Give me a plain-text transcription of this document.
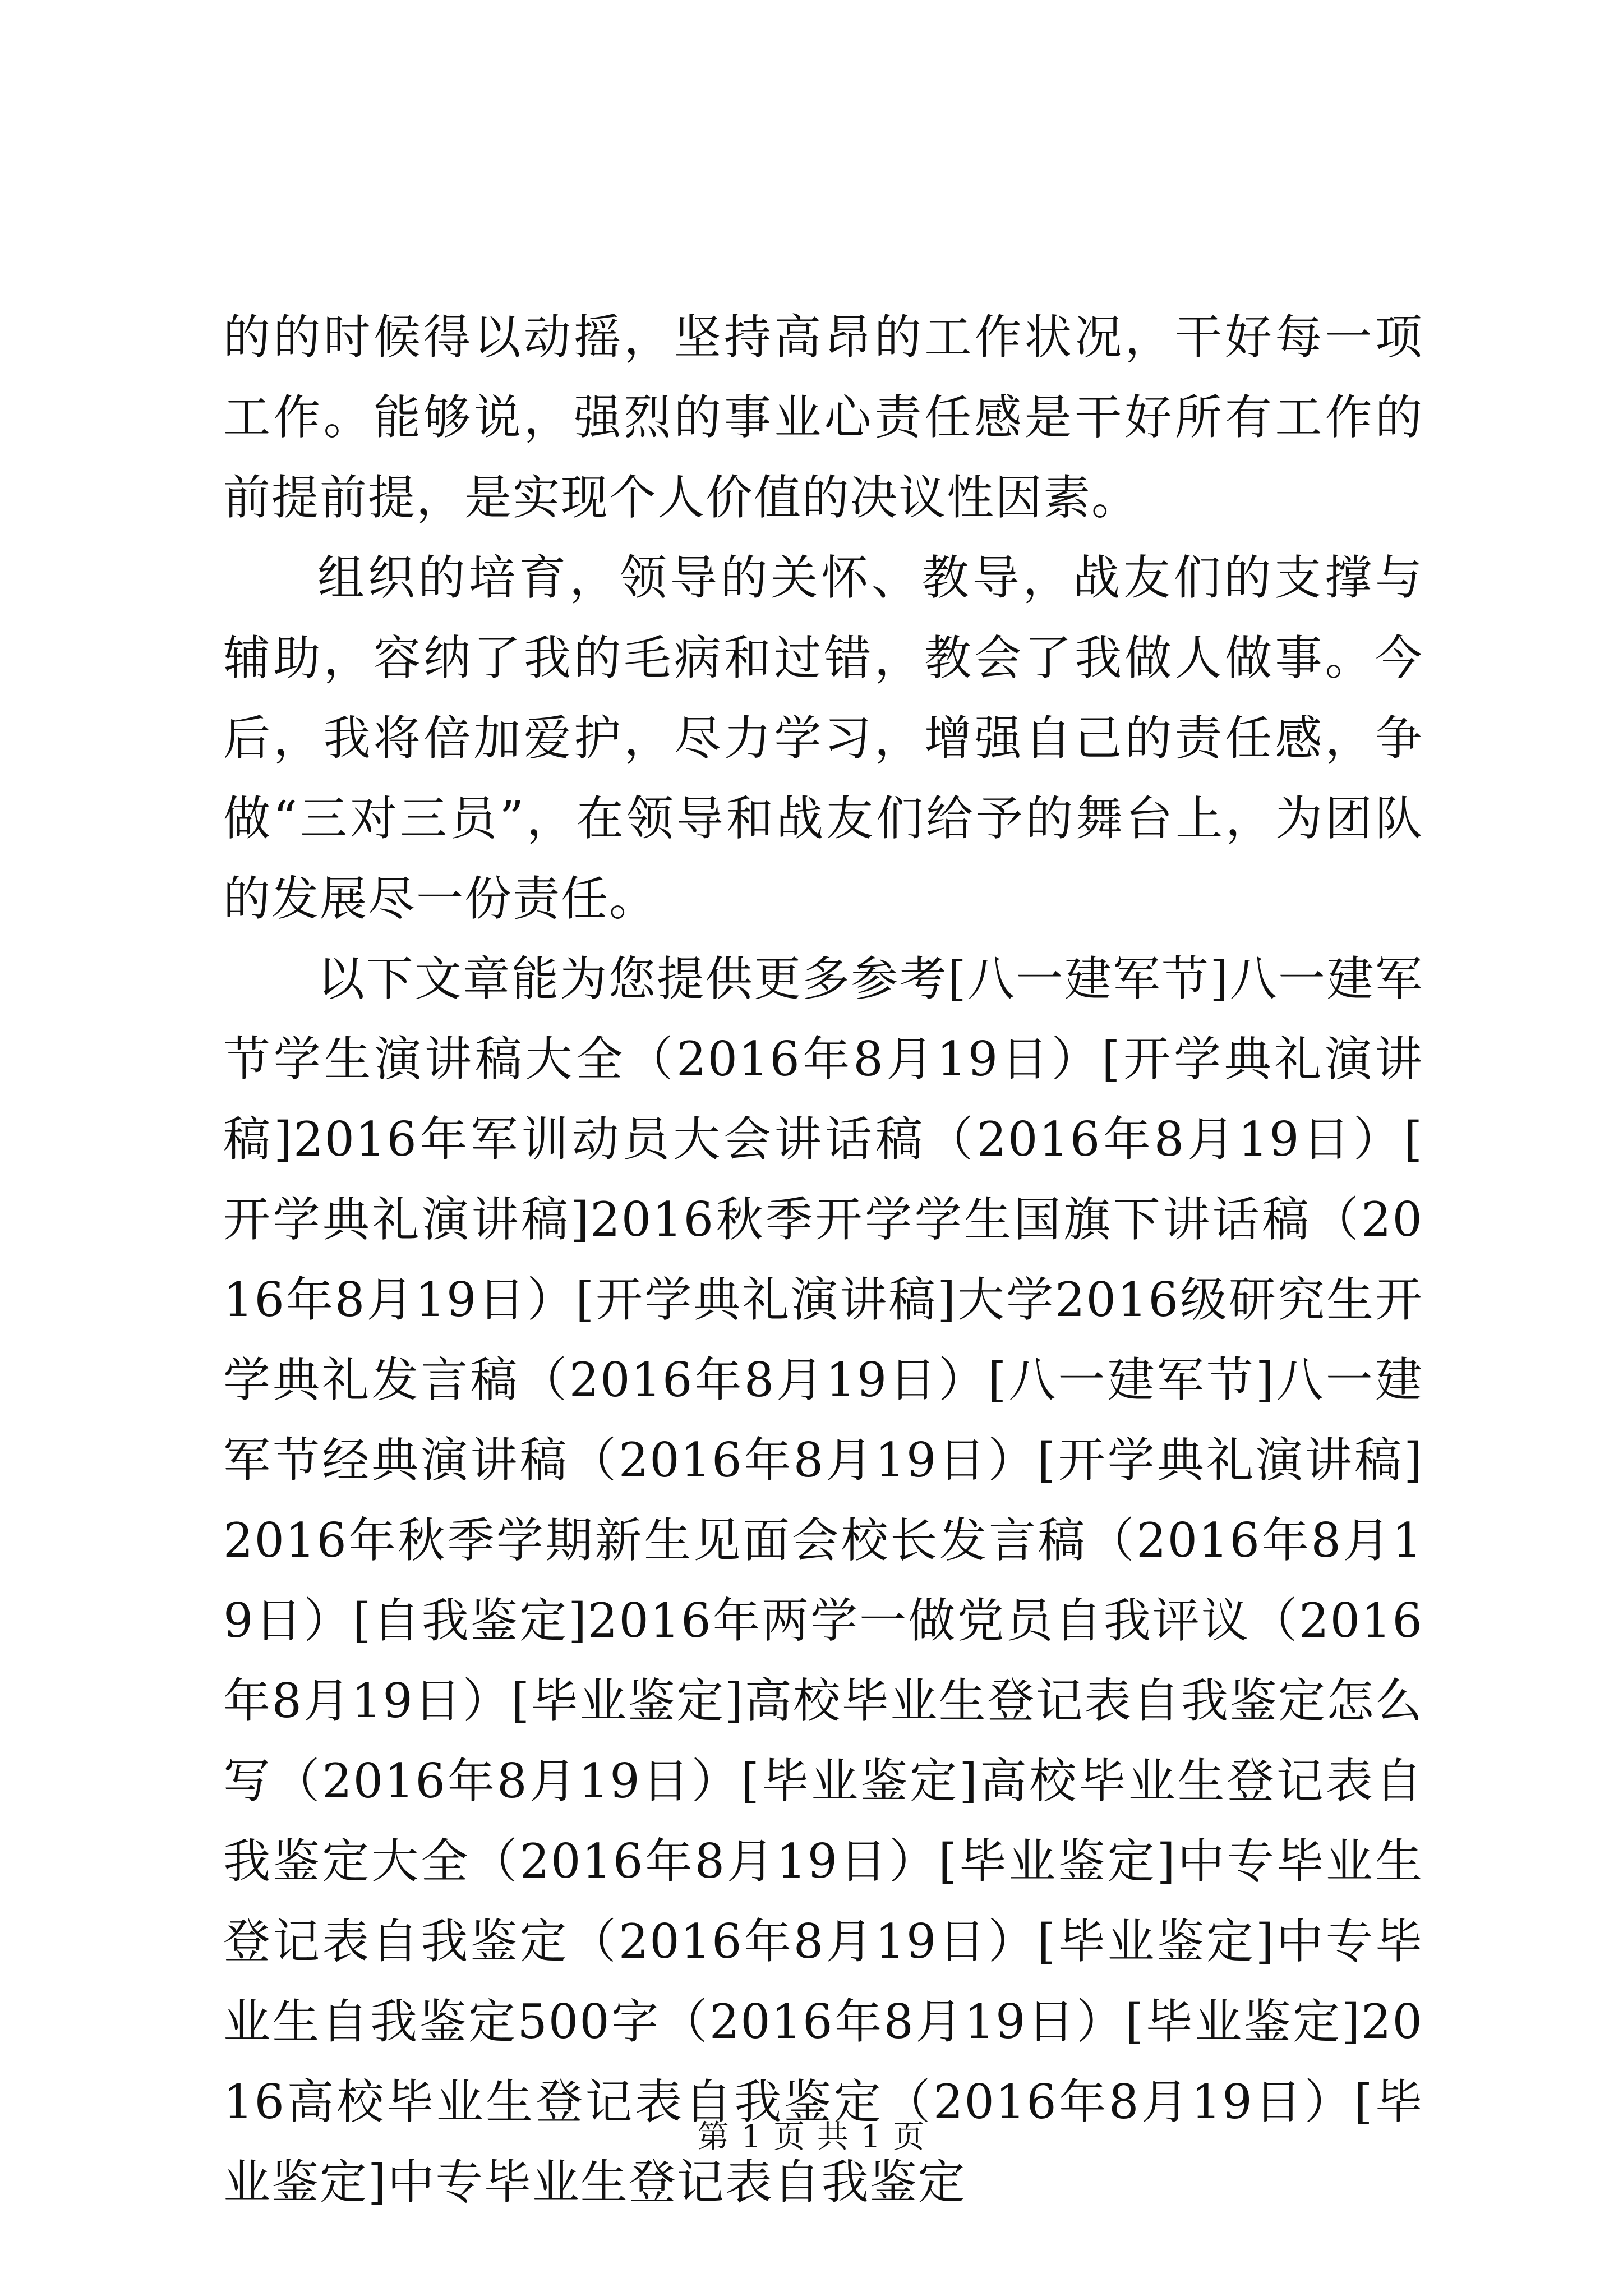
的的时候得以动摇，坚持高昂的工作状况，干好每一项工作。能够说，强烈的事业心责任感是干好所有工作的前提前提，是实现个人价值的决议性因素。

组织的培育，领导的关怀、教导，战友们的支撑与辅助，容纳了我的毛病和过错，教会了我做人做事。今后，我将倍加爱护，尽力学习，增强自己的责任感，争做“三对三员”，在领导和战友们给予的舞台上，为团队的发展尽一份责任。

以下文章能为您提供更多参考[八一建军节]八一建军节学生演讲稿大全（2016年8月19日）[开学典礼演讲稿]2016年军训动员大会讲话稿（2016年8月19日）[开学典礼演讲稿]2016秋季开学学生国旗下讲话稿（2016年8月19日）[开学典礼演讲稿]大学2016级研究生开学典礼发言稿（2016年8月19日）[八一建军节]八一建军节经典演讲稿（2016年8月19日）[开学典礼演讲稿]2016年秋季学期新生见面会校长发言稿（2016年8月19日）[自我鉴定]2016年两学一做党员自我评议（2016年8月19日）[毕业鉴定]高校毕业生登记表自我鉴定怎么写（2016年8月19日）[毕业鉴定]高校毕业生登记表自我鉴定大全（2016年8月19日）[毕业鉴定]中专毕业生登记表自我鉴定（2016年8月19日）[毕业鉴定]中专毕业生自我鉴定500字（2016年8月19日）[毕业鉴定]2016高校毕业生登记表自我鉴定（2016年8月19日）[毕业鉴定]中专毕业生登记表自我鉴定

第 1 页 共 1 页
